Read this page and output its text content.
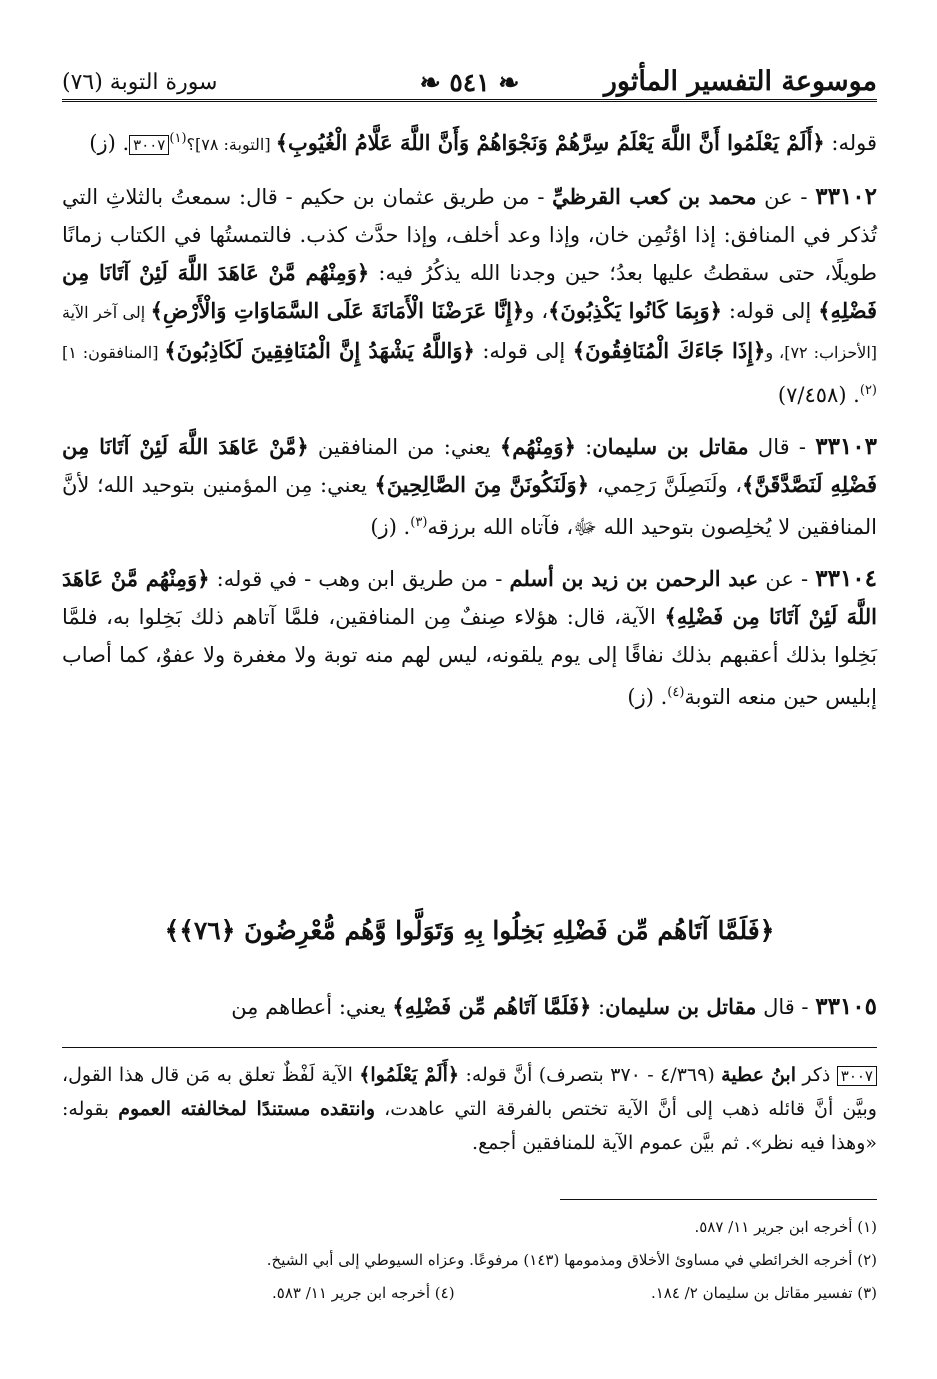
موسوعة التفسير المأثور
❧ ٥٤١ ❧
سورة التوبة (٧٦)

قوله: ﴿أَلَمْ يَعْلَمُوا أَنَّ اللَّهَ يَعْلَمُ سِرَّهُمْ وَنَجْوَاهُمْ وَأَنَّ اللَّهَ عَلَّامُ الْغُيُوبِ﴾ [التوبة: ٧٨]؟$^{(١)}$٣٠٠٧. (ز)

٣٣١٠٢ - عن محمد بن كعب القرظيِّ - من طريق عثمان بن حكيم - قال: سمعتُ بالثلاثِ التي تُذكر في المنافق: إذا اؤتُمِن خان، وإذا وعد أخلف، وإذا حدَّث كذب. فالتمستُها في الكتاب زمانًا طويلًا، حتى سقطتُ عليها بعدُ؛ حين وجدنا الله يذكُرُ فيه: ﴿وَمِنْهُم مَّنْ عَاهَدَ اللَّهَ لَئِنْ آتَانَا مِن فَضْلِهِ﴾ إلى قوله: ﴿وَبِمَا كَانُوا يَكْذِبُونَ﴾، و﴿إِنَّا عَرَضْنَا الْأَمَانَةَ عَلَى السَّمَاوَاتِ وَالْأَرْضِ﴾ إلى آخر الآية [الأحزاب: ٧٢]، و﴿إِذَا جَاءَكَ الْمُنَافِقُونَ﴾ إلى قوله: ﴿وَاللَّهُ يَشْهَدُ إِنَّ الْمُنَافِقِينَ لَكَاذِبُونَ﴾ [المنافقون: ١]$^{(٢)}$. (٧/٤٥٨)

٣٣١٠٣ - قال مقاتل بن سليمان: ﴿وَمِنْهُم﴾ يعني: من المنافقين ﴿مَّنْ عَاهَدَ اللَّهَ لَئِنْ آتَانَا مِن فَضْلِهِ لَنَصَّدَّقَنَّ﴾، ولَنَصِلَنَّ رَحِمي، ﴿وَلَنَكُونَنَّ مِنَ الصَّالِحِينَ﴾ يعني: مِن المؤمنين بتوحيد الله؛ لأنَّ المنافقين لا يُخلِصون بتوحيد الله ﷻ، فآتاه الله برزقه$^{(٣)}$. (ز)

٣٣١٠٤ - عن عبد الرحمن بن زيد بن أسلم - من طريق ابن وهب - في قوله: ﴿وَمِنْهُم مَّنْ عَاهَدَ اللَّهَ لَئِنْ آتَانَا مِن فَضْلِهِ﴾ الآية، قال: هؤلاء صِنفٌ مِن المنافقين، فلمَّا آتاهم ذلك بَخِلوا به، فلمَّا بَخِلوا بذلك أعقبهم بذلك نفاقًا إلى يوم يلقونه، ليس لهم منه توبة ولا مغفرة ولا عفوٌ، كما أصاب إبليس حين منعه التوبة$^{(٤)}$. (ز)

﴿فَلَمَّا آتَاهُم مِّن فَضْلِهِ بَخِلُوا بِهِ وَتَوَلَّوا وَّهُم مُّعْرِضُونَ ﴿٧٦﴾﴾
٣٣١٠٥ - قال مقاتل بن سليمان: ﴿فَلَمَّا آتَاهُم مِّن فَضْلِهِ﴾ يعني: أعطاهم مِن
٣٠٠٧ ذكر ابنُ عطية (٤/٣٦٩ - ٣٧٠ بتصرف) أنَّ قوله: ﴿أَلَمْ يَعْلَمُوا﴾ الآية لَفْظٌ تعلق به مَن قال هذا القول، وبيَّن أنَّ قائله ذهب إلى أنَّ الآية تختص بالفرقة التي عاهدت، وانتقده مستندًا لمخالفته العموم بقوله: «وهذا فيه نظر». ثم بيَّن عموم الآية للمنافقين أجمع.
(١) أخرجه ابن جرير ١١/ ٥٨٧.
(٢) أخرجه الخرائطي في مساوئ الأخلاق ومذمومها (١٤٣) مرفوعًا. وعزاه السيوطي إلى أبي الشيخ.
(٣) تفسير مقاتل بن سليمان ٢/ ١٨٤.
(٤) أخرجه ابن جرير ١١/ ٥٨٣.
